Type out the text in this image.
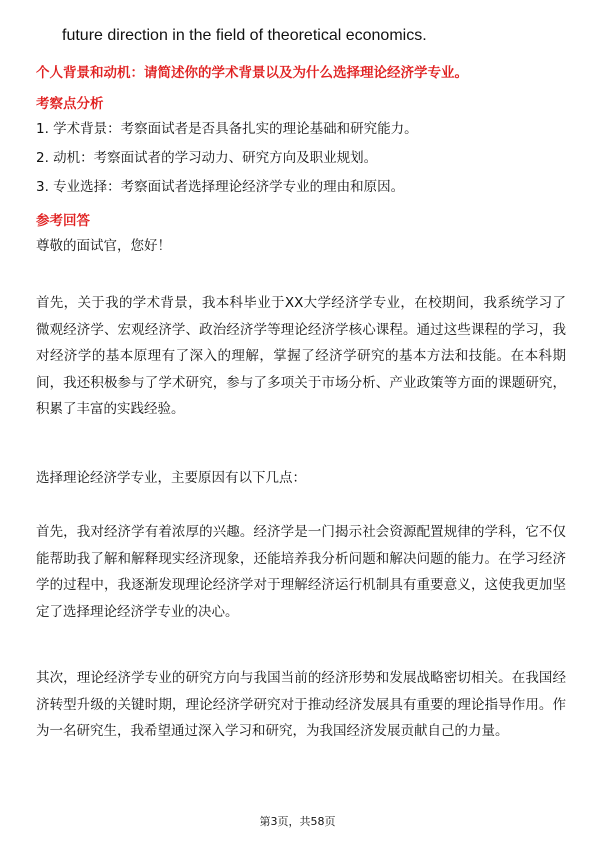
future direction in the field of theoretical economics.
个人背景和动机：请简述你的学术背景以及为什么选择理论经济学专业。
考察点分析
1. 学术背景：考察面试者是否具备扎实的理论基础和研究能力。
2. 动机：考察面试者的学习动力、研究方向及职业规划。
3. 专业选择：考察面试者选择理论经济学专业的理由和原因。
参考回答
尊敬的面试官，您好！

首先，关于我的学术背景，我本科毕业于XX大学经济学专业，在校期间，我系统学习了微观经济学、宏观经济学、政治经济学等理论经济学核心课程。通过这些课程的学习，我对经济学的基本原理有了深入的理解，掌握了经济学研究的基本方法和技能。在本科期间，我还积极参与了学术研究，参与了多项关于市场分析、产业政策等方面的课题研究，积累了丰富的实践经验。

选择理论经济学专业，主要原因有以下几点：

首先，我对经济学有着浓厚的兴趣。经济学是一门揭示社会资源配置规律的学科，它不仅能帮助我了解和解释现实经济现象，还能培养我分析问题和解决问题的能力。在学习经济学的过程中，我逐渐发现理论经济学对于理解经济运行机制具有重要意义，这使我更加坚定了选择理论经济学专业的决心。

其次，理论经济学专业的研究方向与我国当前的经济形势和发展战略密切相关。在我国经济转型升级的关键时期，理论经济学研究对于推动经济发展具有重要的理论指导作用。作为一名研究生，我希望通过深入学习和研究，为我国经济发展贡献自己的力量。

第3页，共58页
